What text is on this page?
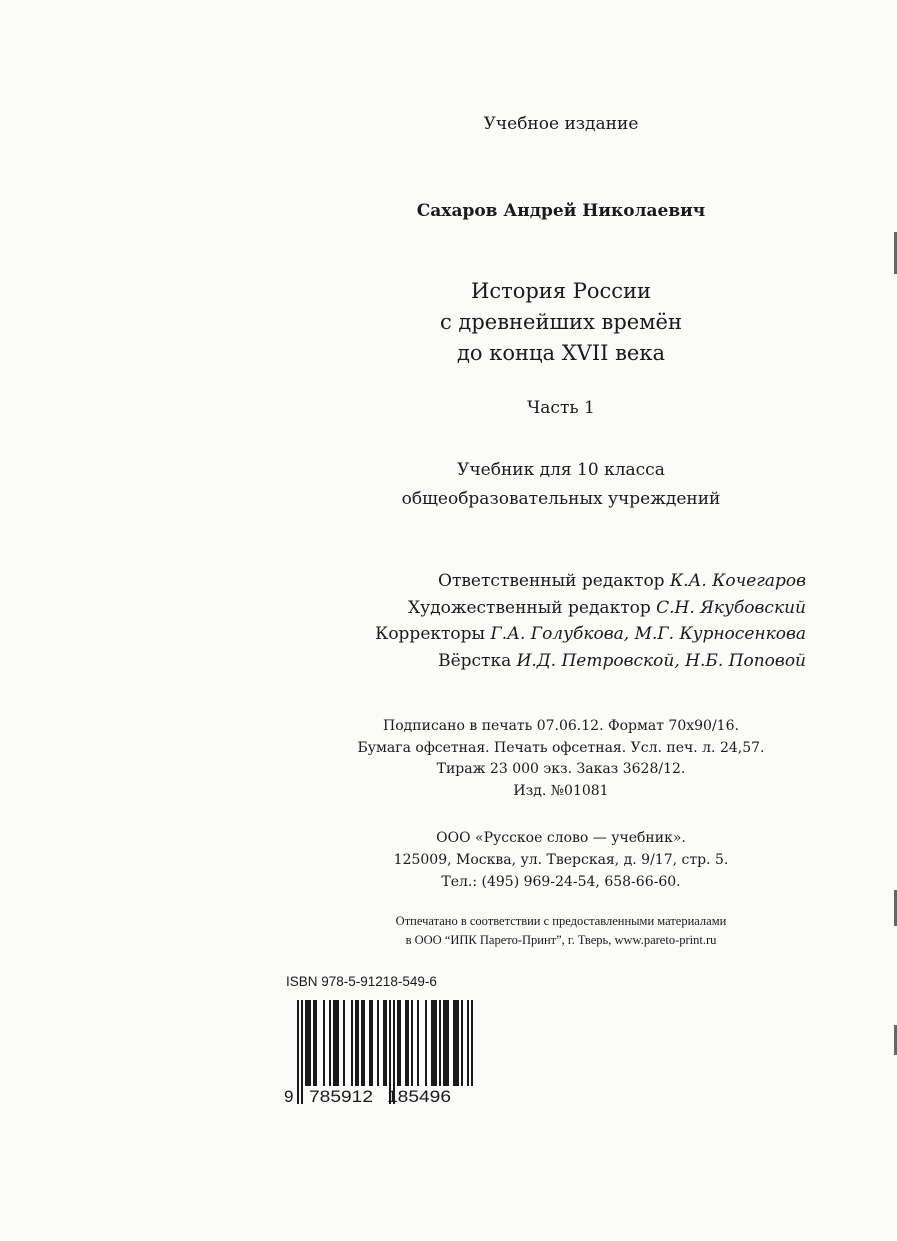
Учебное издание
Сахаров Андрей Николаевич
История России
с древнейших времён
до конца XVII века
Часть 1
Учебник для 10 класса
общеобразовательных учреждений
Ответственный редактор К.А. Кочегаров
Художественный редактор С.Н. Якубовский
Корректоры Г.А. Голубкова, М.Г. Курносенкова
Вёрстка И.Д. Петровской, Н.Б. Поповой
Подписано в печать 07.06.12. Формат 70х90/16.
Бумага офсетная. Печать офсетная. Усл. печ. л. 24,57.
Тираж 23 000 экз. Заказ 3628/12.
Изд. №01081
ООО «Русское слово — учебник».
125009, Москва, ул. Тверская, д. 9/17, стр. 5.
Тел.: (495) 969-24-54, 658-66-60.
Отпечатано в соответствии с предоставленными материалами
в ООО “ИПК Парето-Принт”, г. Тверь, www.pareto-print.ru
ISBN 978-5-91218-549-6
9 785912 185496
